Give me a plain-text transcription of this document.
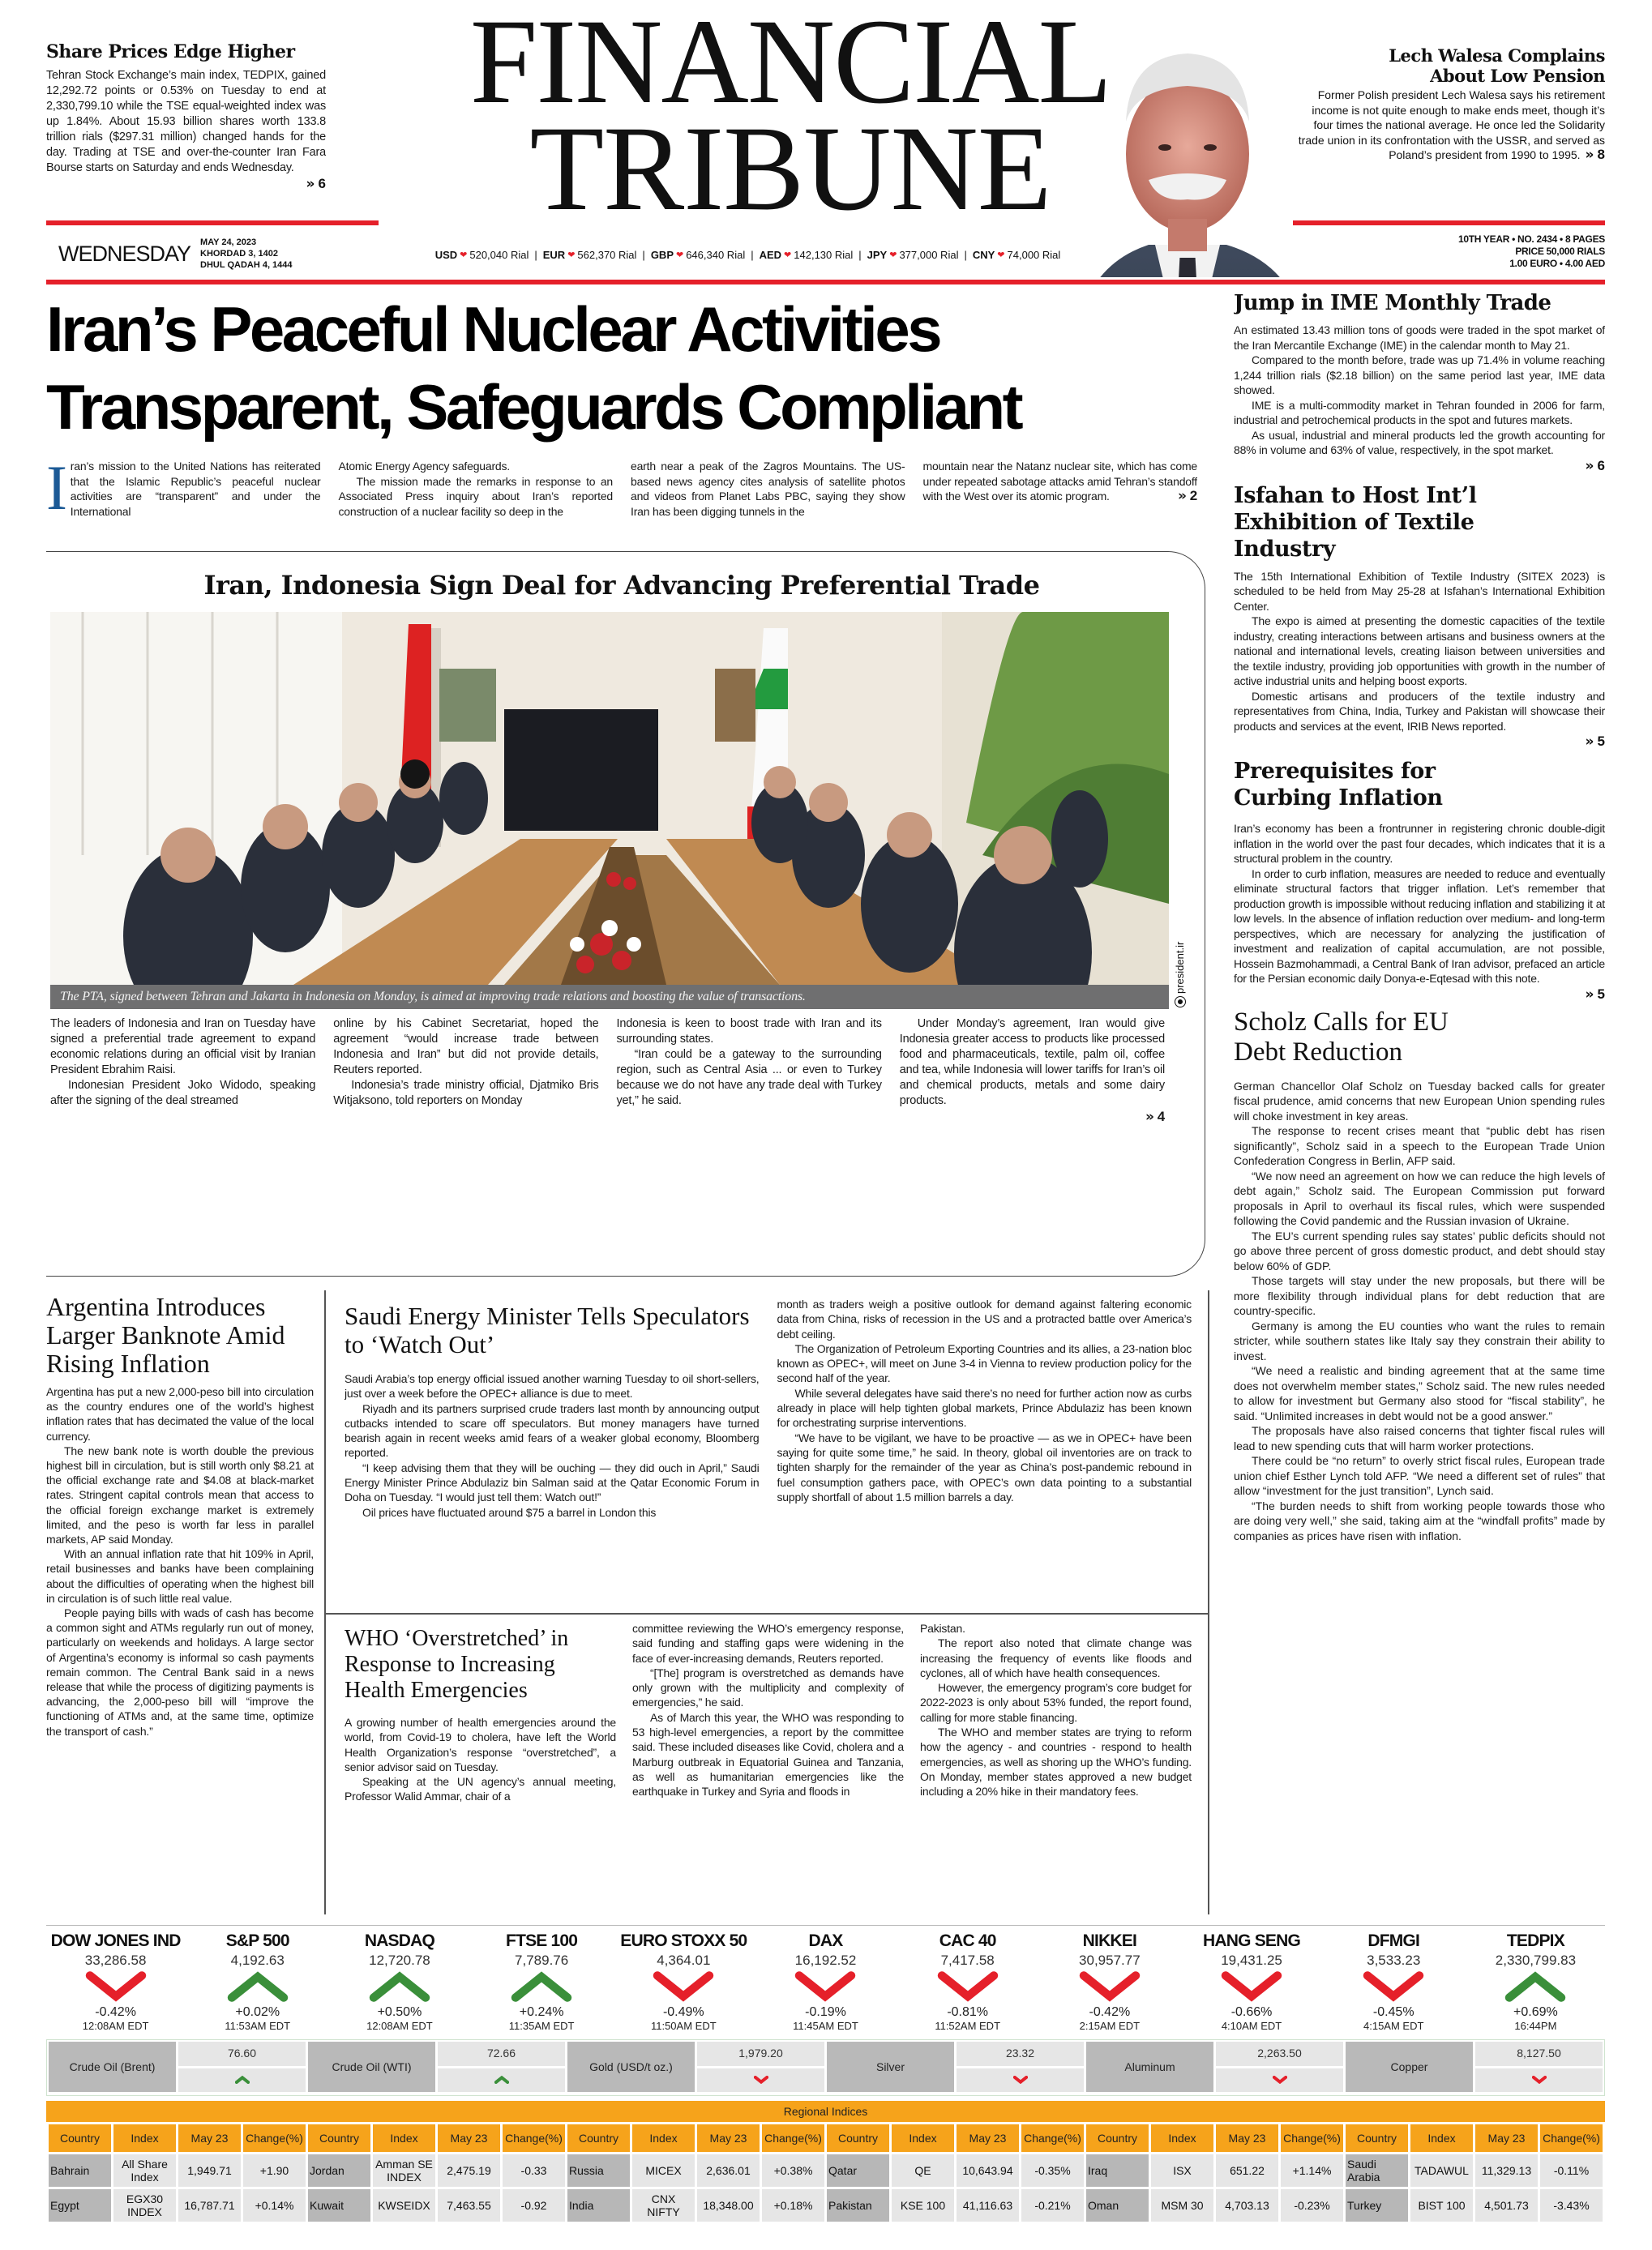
Share Prices Edge Higher
Tehran Stock Exchange’s main index, TEDPIX, gained 12,292.72 points or 0.53% on Tuesday to end at 2,330,799.10 while the TSE equal-weighted index was up 1.84%. About 15.93 billion shares worth 133.8 trillion rials ($297.31 million) changed hands for the day. Trading at TSE and over-the-counter Iran Fara Bourse starts on Saturday and ends Wednesday.
» 6
FINANCIAL
TRIBUNE
Lech Walesa Complains
About Low Pension
Former Polish president Lech Walesa says his retirement income is not quite enough to make ends meet, though it’s four times the national average. He once led the Solidarity trade union in its confrontation with the USSR, and served as Poland’s president from 1990 to 1995. » 8
WEDNESDAY MAY 24, 2023
KHORDAD 3, 1402
DHUL QADAH 4, 1444
USD ❤ 520,040 Rial | EUR ❤ 562,370 Rial | GBP ❤ 646,340 Rial | AED ❤ 142,130 Rial | JPY ❤ 377,000 Rial | CNY ❤ 74,000 Rial
10TH YEAR • NO. 2434 • 8 PAGES
PRICE 50,000 RIALS
1.00 EURO • 4.00 AED
Iran’s Peaceful Nuclear Activities
Transparent, Safeguards Compliant
I ran’s mission to the United Nations has reiterated that the Islamic Republic’s peaceful nuclear activities are “transparent” and under the International

Atomic Energy Agency safeguards.

The mission made the remarks in response to an Associated Press inquiry about Iran’s reported construction of a nuclear facility so deep in the

earth near a peak of the Zagros Mountains. The US-based news agency cites analysis of satellite photos and videos from Planet Labs PBC, saying they show Iran has been digging tunnels in the
mountain near the Natanz nuclear site, which has come under repeated sabotage attacks amid Tehran’s standoff with the West over its atomic program.	» 2
Iran, Indonesia Sign Deal for Advancing Preferential Trade
The PTA, signed between Tehran and Jakarta in Indonesia on Monday, is aimed at improving trade relations and boosting the value of transactions.
president.ir

The leaders of Indonesia and Iran on Tuesday have signed a preferential trade agreement to expand economic relations during an official visit by Iranian President Ebrahim Raisi.

Indonesian President Joko Widodo, speaking after the signing of the deal streamed

online by his Cabinet Secretariat, hoped the agreement “would increase trade between Indonesia and Iran” but did not provide details, Reuters reported.

Indonesia’s trade ministry official, Djatmiko Bris Witjaksono, told reporters on Monday

Indonesia is keen to boost trade with Iran and its surrounding states.

“Iran could be a gateway to the surrounding region, such as Central Asia ... or even to Turkey because we do not have any trade deal with Turkey yet,” he said.

Under Monday’s agreement, Iran would give Indonesia greater access to products like processed food and pharmaceuticals, textile, palm oil, coffee and tea, while Indonesia will lower tariffs for Iran’s oil and chemical products, metals and some dairy products.

» 4
Jump in IME Monthly Trade

An estimated 13.43 million tons of goods were traded in the spot market of the Iran Mercantile Exchange (IME) in the calendar month to May 21.

Compared to the month before, trade was up 71.4% in volume reaching 1,244 trillion rials ($2.18 billion) on the same period last year, IME data showed.

IME is a multi-commodity market in Tehran founded in 2006 for farm, industrial and petrochemical products in the spot and futures markets.

As usual, industrial and mineral products led the growth accounting for 88% in volume and 63% of value, respectively, in the spot market.

» 6
Isfahan to Host Int’l Exhibition of Textile Industry

The 15th International Exhibition of Textile Industry (SITEX 2023) is scheduled to be held from May 25-28 at Isfahan’s International Exhibition Center.

The expo is aimed at presenting the domestic capacities of the textile industry, creating interactions between artisans and business owners at the national and international levels, creating liaison between universities and the textile industry, providing job opportunities with growth in the number of active industrial units and helping boost exports.

Domestic artisans and producers of the textile industry and representatives from China, India, Turkey and Pakistan will showcase their products and services at the event, IRIB News reported.

» 5
Prerequisites for Curbing Inflation

Iran’s economy has been a frontrunner in registering chronic double-digit inflation in the world over the past four decades, which indicates that it is a structural problem in the country.

In order to curb inflation, measures are needed to reduce and eventually eliminate structural factors that trigger inflation. Let’s remember that production growth is impossible without reducing inflation and stabilizing it at low levels. In the absence of inflation reduction over medium- and long-term perspectives, which are necessary for analyzing the justification of investment and realization of capital accumulation, are not possible, Hossein Bazmohammadi, a Central Bank of Iran advisor, prefaced an article for the Persian economic daily Donya-e-Eqtesad with this note.

» 5
Scholz Calls for EU Debt Reduction

German Chancellor Olaf Scholz on Tuesday backed calls for greater fiscal prudence, amid concerns that new European Union spending rules will choke investment in key areas.

The response to recent crises meant that “public debt has risen significantly”, Scholz said in a speech to the European Trade Union Confederation Congress in Berlin, AFP said.

“We now need an agreement on how we can reduce the high levels of debt again,” Scholz said. The European Commission put forward proposals in April to overhaul its fiscal rules, which were suspended following the Covid pandemic and the Russian invasion of Ukraine.

The EU’s current spending rules say states’ public deficits should not go above three percent of gross domestic product, and debt should stay below 60% of GDP.

Those targets will stay under the new proposals, but there will be more flexibility through individual plans for debt reduction that are country-specific.

Germany is among the EU counties who want the rules to remain stricter, while southern states like Italy say they constrain their ability to invest.

“We need a realistic and binding agreement that at the same time does not overwhelm member states,” Scholz said. The new rules needed to allow for investment but Germany also stood for “fiscal stability”, he said. “Unlimited increases in debt would not be a good answer.”

The proposals have also raised concerns that tighter fiscal rules will lead to new spending cuts that will harm worker protections.

There could be “no return” to overly strict fiscal rules, European trade union chief Esther Lynch told AFP. “We need a different set of rules” that allow “investment for the just transition”, Lynch said.

“The burden needs to shift from working people towards those who are doing very well,” she said, taking aim at the “windfall profits” made by companies as prices have risen with inflation.

Argentina Introduces Larger Banknote Amid Rising Inflation

Argentina has put a new 2,000-peso bill into circulation as the country endures one of the world’s highest inflation rates that has decimated the value of the local currency.

The new bank note is worth double the previous highest bill in circulation, but is still worth only $8.21 at the official exchange rate and $4.08 at black-market rates. Stringent capital controls mean that access to the official foreign exchange market is extremely limited, and the peso is worth far less in parallel markets, AP said Monday.

With an annual inflation rate that hit 109% in April, retail businesses and banks have been complaining about the difficulties of operating when the highest bill in circulation is of such little real value.

People paying bills with wads of cash has become a common sight and ATMs regularly run out of money, particularly on weekends and holidays. A large sector of Argentina’s economy is informal so cash payments remain common. The Central Bank said in a news release that while the process of digitizing payments is advancing, the 2,000-peso bill will “improve the functioning of ATMs and, at the same time, optimize the transport of cash.”

Saudi Energy Minister Tells Speculators to ‘Watch Out’

Saudi Arabia’s top energy official issued another warning Tuesday to oil short-sellers, just over a week before the OPEC+ alliance is due to meet.

Riyadh and its partners surprised crude traders last month by announcing output cutbacks intended to scare off speculators. But money managers have turned bearish again in recent weeks amid fears of a weaker global economy, Bloomberg reported.

“I keep advising them that they will be ouching — they did ouch in April,” Saudi Energy Minister Prince Abdulaziz bin Salman said at the Qatar Economic Forum in Doha on Tuesday. “I would just tell them: Watch out!”

Oil prices have fluctuated around $75 a barrel in London this

month as traders weigh a positive outlook for demand against faltering economic data from China, risks of recession in the US and a protracted battle over America’s debt ceiling.

The Organization of Petroleum Exporting Countries and its allies, a 23-nation bloc known as OPEC+, will meet on June 3-4 in Vienna to review production policy for the second half of the year.

While several delegates have said there’s no need for further action now as curbs already in place will help tighten global markets, Prince Abdulaziz has been known for orchestrating surprise interventions.

“We have to be vigilant, we have to be proactive — as we in OPEC+ have been saying for quite some time,” he said. In theory, global oil inventories are on track to tighten sharply for the remainder of the year as China’s post-pandemic rebound in fuel consumption gathers pace, with OPEC’s own data pointing to a substantial supply shortfall of about 1.5 million barrels a day.

WHO ‘Overstretched’ in Response to Increasing Health Emergencies

A growing number of health emergencies around the world, from Covid-19 to cholera, have left the World Health Organization’s response “overstretched”, a senior advisor said on Tuesday.

Speaking at the UN agency’s annual meeting, Professor Walid Ammar, chair of a

committee reviewing the WHO’s emergency response, said funding and staffing gaps were widening in the face of ever-increasing demands, Reuters reported.

“[The] program is overstretched as demands have only grown with the multiplicity and complexity of emergencies,” he said.

As of March this year, the WHO was responding to 53 high-level emergencies, a report by the committee said. These included diseases like Covid, cholera and a Marburg outbreak in Equatorial Guinea and Tanzania, as well as humanitarian emergencies like the earthquake in Turkey and Syria and floods in

Pakistan.

The report also noted that climate change was increasing the frequency of events like floods and cyclones, all of which have health consequences.

However, the emergency program’s core budget for 2022-2023 is only about 53% funded, the report found, calling for more stable financing.

The WHO and member states are trying to reform how the agency - and countries - respond to health emergencies, as well as shoring up the WHO’s funding. On Monday, member states approved a new budget including a 20% hike in their mandatory fees.

DOW JONES IND
33,286.58
-0.42%
12:08AM EDT
S&P 500
4,192.63
+0.02%
11:53AM EDT
NASDAQ
12,720.78
+0.50%
12:08AM EDT
FTSE 100
7,789.76
+0.24%
11:35AM EDT
EURO STOXX 50
4,364.01
-0.49%
11:50AM EDT
DAX
16,192.52
-0.19%
11:45AM EDT
CAC 40
7,417.58
-0.81%
11:52AM EDT
NIKKEI
30,957.77
-0.42%
2:15AM EDT
HANG SENG
19,431.25
-0.66%
4:10AM EDT
DFMGI
3,533.23
-0.45%
4:15AM EDT
TEDPIX
2,330,799.83
+0.69%
16:44PM
Crude Oil (Brent)
76.60
Crude Oil (WTI)
72.66
Gold (USD/t oz.)
1,979.20
Silver
23.32
Aluminum
2,263.50
Copper
8,127.50
Regional Indices
Country	Index	May 23	Change(%)	Country	Index	May 23	Change(%)	Country	Index	May 23	Change(%)	Country	Index	May 23	Change(%)	Country	Index	May 23	Change(%)	Country	Index	May 23	Change(%)
Bahrain	All Share Index	1,949.71	+1.90	Jordan	Amman SE INDEX	2,475.19	-0.33	Russia	MICEX	2,636.01	+0.38%	Qatar	QE	10,643.94	-0.35%	Iraq	ISX	651.22	+1.14%	Saudi Arabia	TADAWUL	11,329.13	-0.11%
Egypt	EGX30 INDEX	16,787.71	+0.14%	Kuwait	KWSEIDX	7,463.55	-0.92	India	CNX NIFTY	18,348.00	+0.18%	Pakistan	KSE 100	41,116.63	-0.21%	Oman	MSM 30	4,703.13	-0.23%	Turkey	BIST 100	4,501.73	-3.43%
